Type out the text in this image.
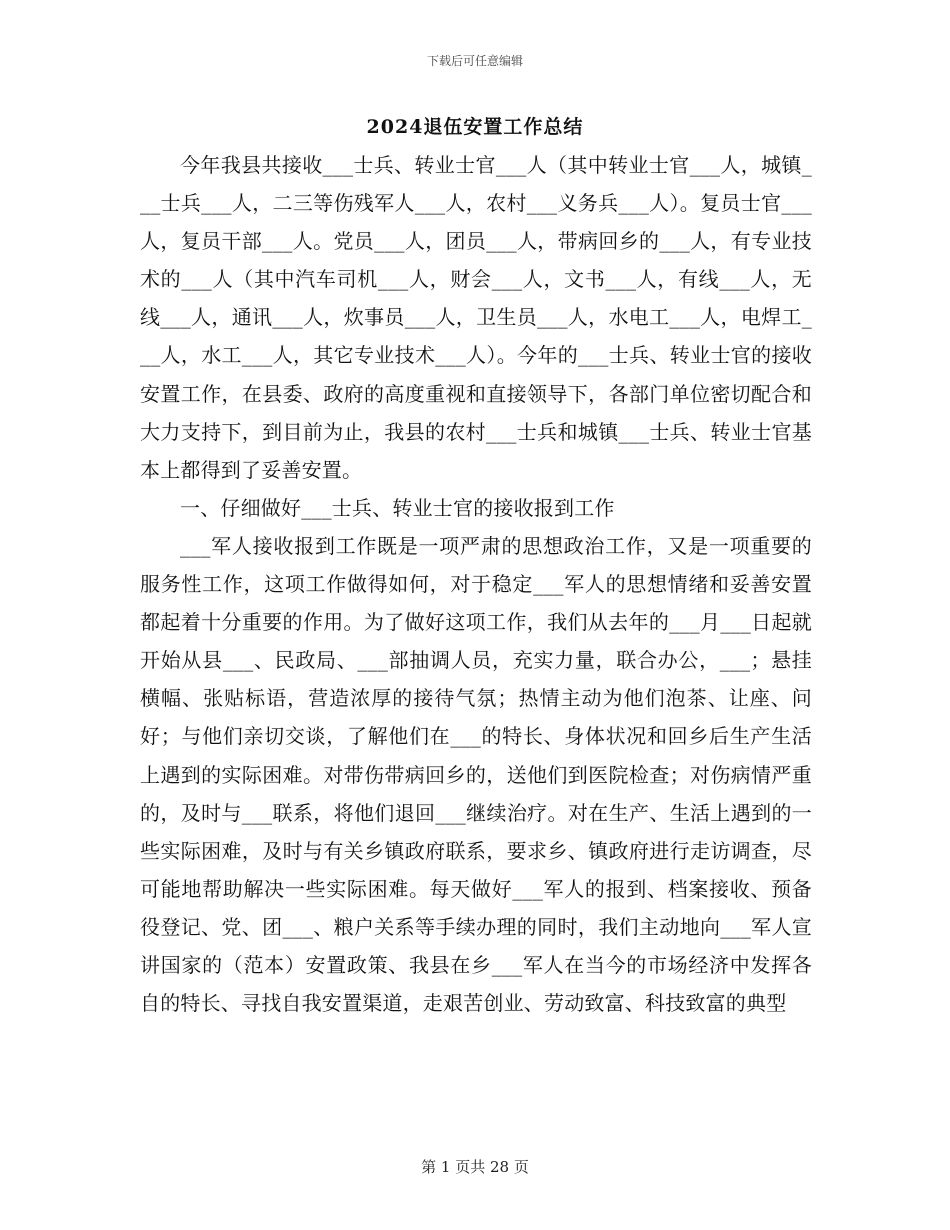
下载后可任意编辑
2024退伍安置工作总结

今年我县共接收___士兵、转业士官___人（其中转业士官___人，城镇___士兵___人，二三等伤残军人___人，农村___义务兵___人）。复员士官___人，复员干部___人。党员___人，团员___人，带病回乡的___人，有专业技术的___人（其中汽车司机___人，财会___人，文书___人，有线___人，无线___人，通讯___人，炊事员___人，卫生员___人，水电工___人，电焊工___人，水工___人，其它专业技术___人）。今年的___士兵、转业士官的接收安置工作，在县委、政府的高度重视和直接领导下，各部门单位密切配合和大力支持下，到目前为止，我县的农村___士兵和城镇___士兵、转业士官基本上都得到了妥善安置。

一、仔细做好___士兵、转业士官的接收报到工作

___军人接收报到工作既是一项严肃的思想政治工作，又是一项重要的服务性工作，这项工作做得如何，对于稳定___军人的思想情绪和妥善安置都起着十分重要的作用。为了做好这项工作，我们从去年的___月___日起就开始从县___、民政局、___部抽调人员，充实力量，联合办公，___；悬挂横幅、张贴标语，营造浓厚的接待气氛；热情主动为他们泡茶、让座、问好；与他们亲切交谈，了解他们在___的特长、身体状况和回乡后生产生活上遇到的实际困难。对带伤带病回乡的，送他们到医院检查；对伤病情严重的，及时与___联系，将他们退回___继续治疗。对在生产、生活上遇到的一些实际困难，及时与有关乡镇政府联系，要求乡、镇政府进行走访调查，尽可能地帮助解决一些实际困难。每天做好___军人的报到、档案接收、预备役登记、党、团___、粮户关系等手续办理的同时，我们主动地向___军人宣讲国家的（范本）安置政策、我县在乡___军人在当今的市场经济中发挥各自的特长、寻找自我安置渠道，走艰苦创业、劳动致富、科技致富的典型

第 1 页共 28 页
